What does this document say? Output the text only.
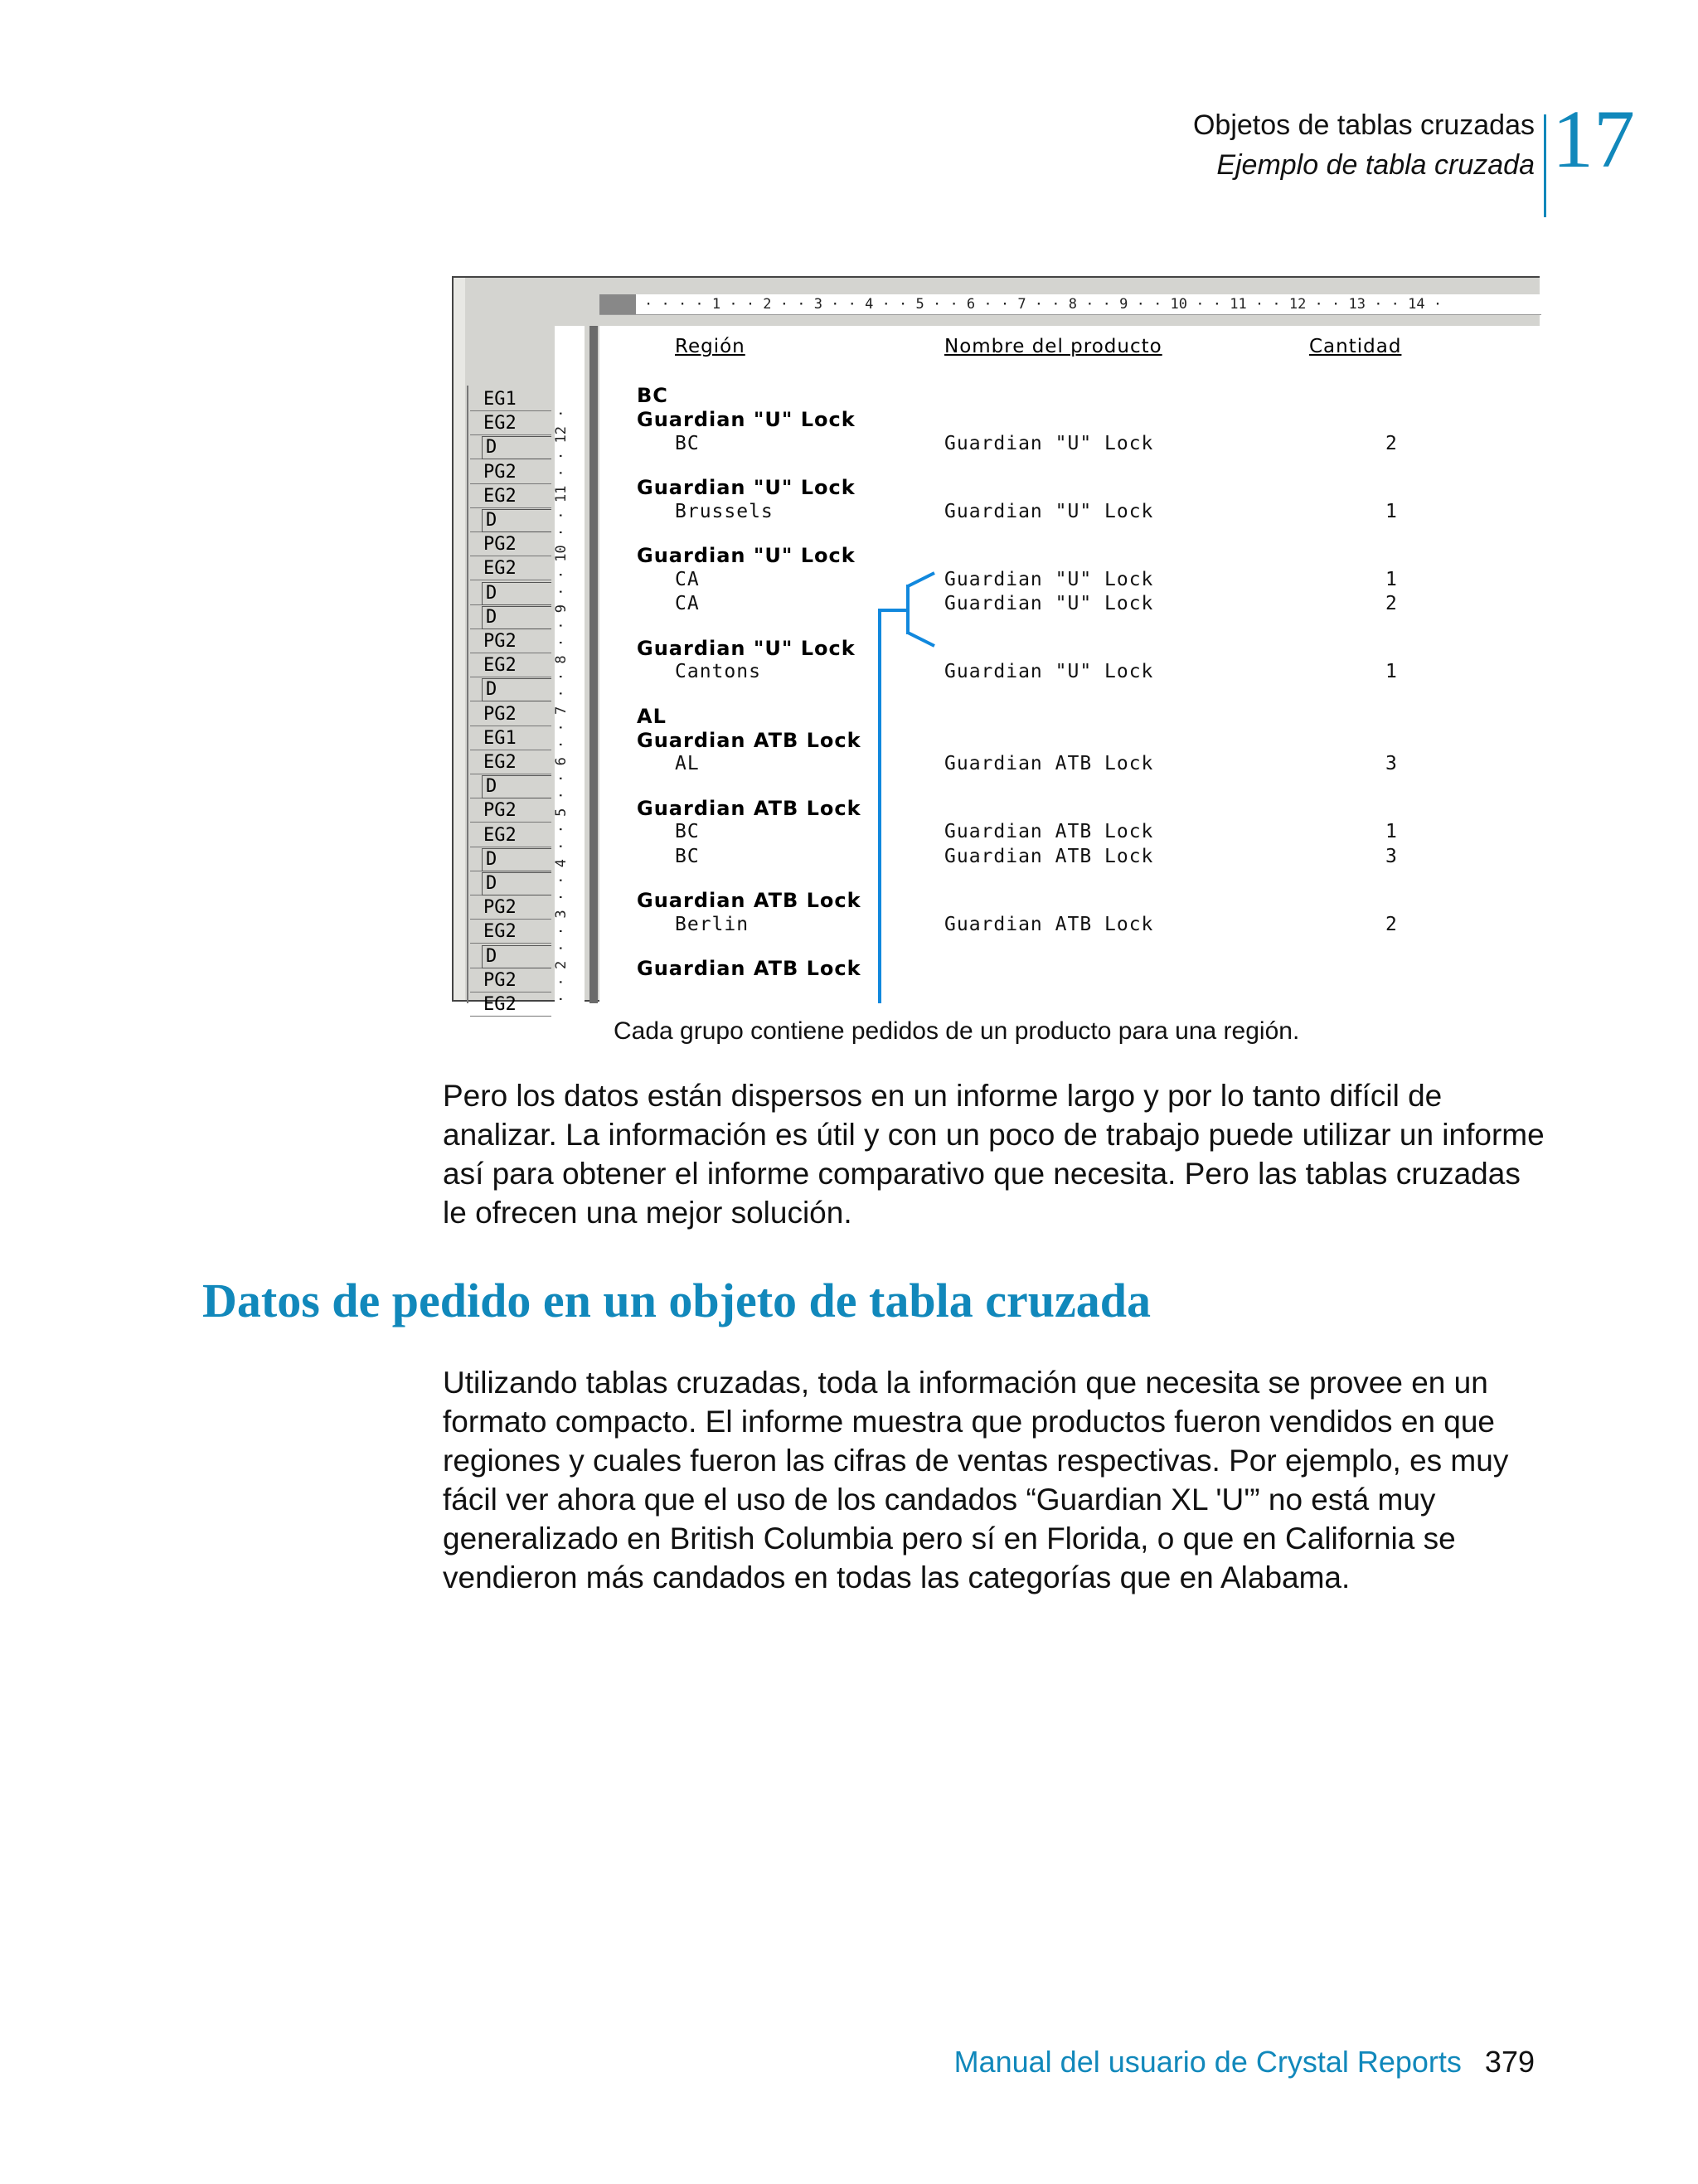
Objetos de tablas cruzadas
Ejemplo de tabla cruzada 17
· · · · 1 · · 2 · · 3 · · 4 · · 5 · · 6 · · 7 · · 8 · · 9 · · 10 · · 11 · · 12 · · 13 · · 14 ·
· · 2 · · 3 · · 4 · · 5 · · 6 · · 7 · · 8 · · 9 · · 10 · · 11 · · 12 ·
Región	Nombre del producto	Cantidad
EG1
EG2
D
PG2
EG2
D
PG2
EG2
D
D
PG2
EG2
D
PG2
EG1
EG2
D
PG2
EG2
D
D
PG2
EG2
D
PG2
EG2
BC
Guardian "U" Lock
BC	Guardian "U" Lock	2
Guardian "U" Lock
Brussels	Guardian "U" Lock	1
Guardian "U" Lock
CA	Guardian "U" Lock	1
CA	Guardian "U" Lock	2
Guardian "U" Lock
Cantons	Guardian "U" Lock	1
AL
Guardian ATB Lock
AL	Guardian ATB Lock	3
Guardian ATB Lock
BC	Guardian ATB Lock	1
BC	Guardian ATB Lock	3
Guardian ATB Lock
Berlin	Guardian ATB Lock	2
Guardian ATB Lock
Cada grupo contiene pedidos de un producto para una región.
Pero los datos están dispersos en un informe largo y por lo tanto difícil de analizar. La información es útil y con un poco de trabajo puede utilizar un informe así para obtener el informe comparativo que necesita. Pero las tablas cruzadas le ofrecen una mejor solución.
Datos de pedido en un objeto de tabla cruzada
Utilizando tablas cruzadas, toda la información que necesita se provee en un formato compacto. El informe muestra que productos fueron vendidos en que regiones y cuales fueron las cifras de ventas respectivas. Por ejemplo, es muy fácil ver ahora que el uso de los candados “Guardian XL 'U'” no está muy generalizado en British Columbia pero sí en Florida, o que en California se vendieron más candados en todas las categorías que en Alabama.
Manual del usuario de Crystal Reports 379
